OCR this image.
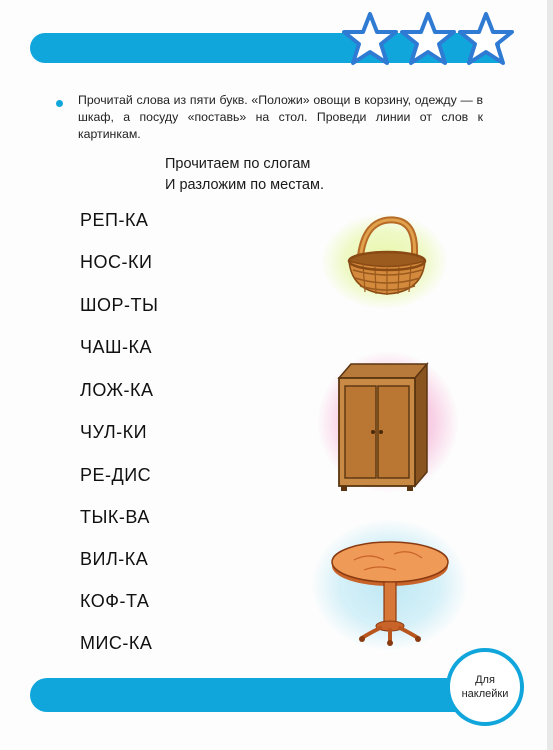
Прочитай слова из пяти букв. «Положи» овощи в корзину, одежду — в шкаф, а посуду «поставь» на стол. Проведи линии от слов к картинкам.

Прочитаем по слогам
И разложим по местам.
РЕП-КА
НОС-КИ
ШОР-ТЫ
ЧАШ-КА
ЛОЖ-КА
ЧУЛ-КИ
РЕ-ДИС
ТЫК-ВА
ВИЛ-КА
КОФ-ТА
МИС-КА
Для наклейки
